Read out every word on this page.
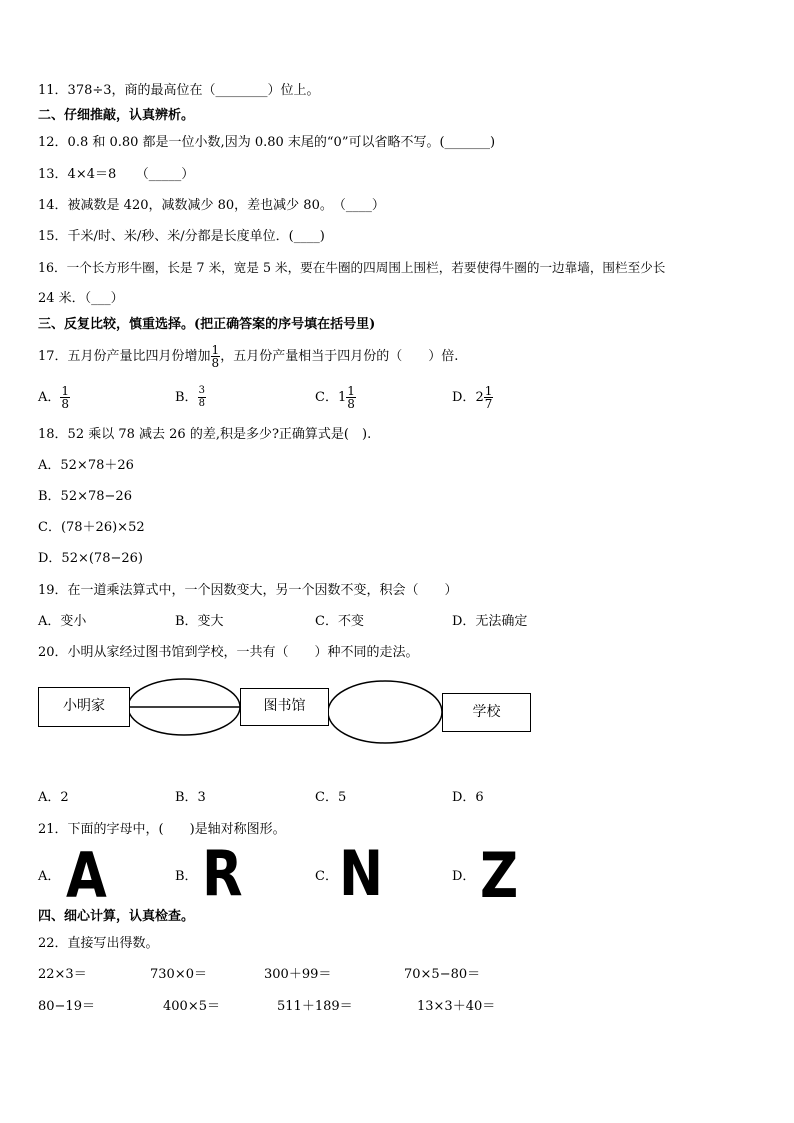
11．378÷3，商的最高位在（________）位上。
二、仔细推敲，认真辨析。
12．0.8 和 0.80 都是一位小数,因为 0.80 末尾的“0”可以省略不写。(_______)
13．4×4＝8　　（_____）
14．被减数是 420，减数减少 80，差也减少 80。　（____）
15．千米/时、米/秒、米/分都是长度单位．(____)
16．一个长方形牛圈，长是 7 米，宽是 5 米，要在牛圈的四周围上围栏，若要使得牛圈的一边靠墙，围栏至少长
24 米．（___）
三、反复比较，慎重选择。(把正确答案的序号填在括号里)
17．五月份产量比四月份增加 $\frac{1}{8}$ ，五月份产量相当于四月份的（　　）倍.
A． $\frac{1}{8}$	B． $\frac{3}{8}$	C．$1 \frac{1}{8}$	D．$2 \frac{1}{7}$
18．52 乘以 78 减去 26 的差,积是多少?正确算式是(　).
A．52×78＋26
B．52×78−26
C．(78＋26)×52
D．52×(78−26)
19．在一道乘法算式中，一个因数变大，另一个因数不变，积会（　　）
A．变小	B．变大	C．不变	D．无法确定
20．小明从家经过图书馆到学校，一共有（　　）种不同的走法。
小明家	图书馆	学校
A．2	B．3	C．5	D．6
21．下面的字母中，(　　)是轴对称图形。
A． A	B． R	C． N	D． Z
四、细心计算，认真检查。
22．直接写出得数。
22×3＝	730×0＝	300＋99＝	70×5−80＝
80−19＝	400×5＝	511＋189＝	13×3＋40＝
